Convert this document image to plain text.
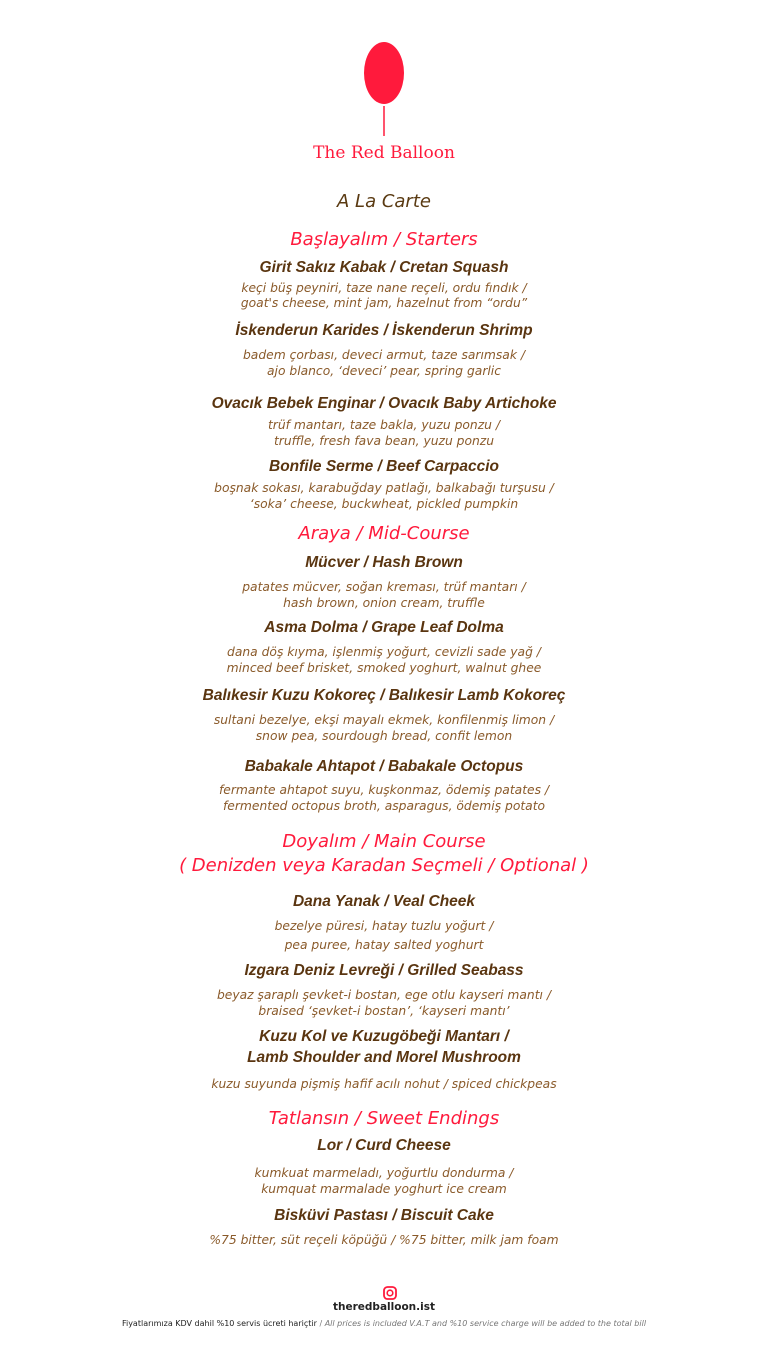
The Red Balloon
A La Carte
Başlayalım / Starters
Girit Sakız Kabak / Cretan Squash
keçi büş peyniri, taze nane reçeli, ordu fındık /
goat's cheese, mint jam, hazelnut from “ordu”
İskenderun Karides / İskenderun Shrimp
badem çorbası, deveci armut, taze sarımsak /
ajo blanco, ‘deveci’ pear, spring garlic
Ovacık Bebek Enginar / Ovacık Baby Artichoke
trüf mantarı, taze bakla, yuzu ponzu /
truffle, fresh fava bean, yuzu ponzu
Bonfile Serme / Beef Carpaccio
boşnak sokası, karabuğday patlağı, balkabağı turşusu /
‘soka’ cheese, buckwheat, pickled pumpkin
Araya / Mid-Course
Mücver / Hash Brown
patates mücver, soğan kreması, trüf mantarı /
hash brown, onion cream, truffle
Asma Dolma / Grape Leaf Dolma
dana döş kıyma, işlenmiş yoğurt, cevizli sade yağ /
minced beef brisket, smoked yoghurt, walnut ghee
Balıkesir Kuzu Kokoreç / Balıkesir Lamb Kokoreç
sultani bezelye, ekşi mayalı ekmek, konfilenmiş limon /
snow pea, sourdough bread, confit lemon
Babakale Ahtapot / Babakale Octopus
fermante ahtapot suyu, kuşkonmaz, ödemiş patates /
fermented octopus broth, asparagus, ödemiş potato
Doyalım / Main Course
( Denizden veya Karadan Seçmeli / Optional )
Dana Yanak / Veal Cheek
bezelye püresi, hatay tuzlu yoğurt /
pea puree, hatay salted yoghurt
Izgara Deniz Levreği / Grilled Seabass
beyaz şaraplı şevket-i bostan, ege otlu kayseri mantı /
braised ‘şevket-i bostan’, ‘kayseri mantı’
Kuzu Kol ve Kuzugöbeği Mantarı /
Lamb Shoulder and Morel Mushroom
kuzu suyunda pişmiş hafif acılı nohut / spiced chickpeas
Tatlansın / Sweet Endings
Lor / Curd Cheese
kumkuat marmeladı, yoğurtlu dondurma /
kumquat marmalade yoghurt ice cream
Bisküvi Pastası / Biscuit Cake
%75 bitter, süt reçeli köpüğü / %75 bitter, milk jam foam
theredballoon.ist
Fiyatlarımıza KDV dahil %10 servis ücreti hariçtir / All prices is included V.A.T and %10 service charge will be added to the total bill
